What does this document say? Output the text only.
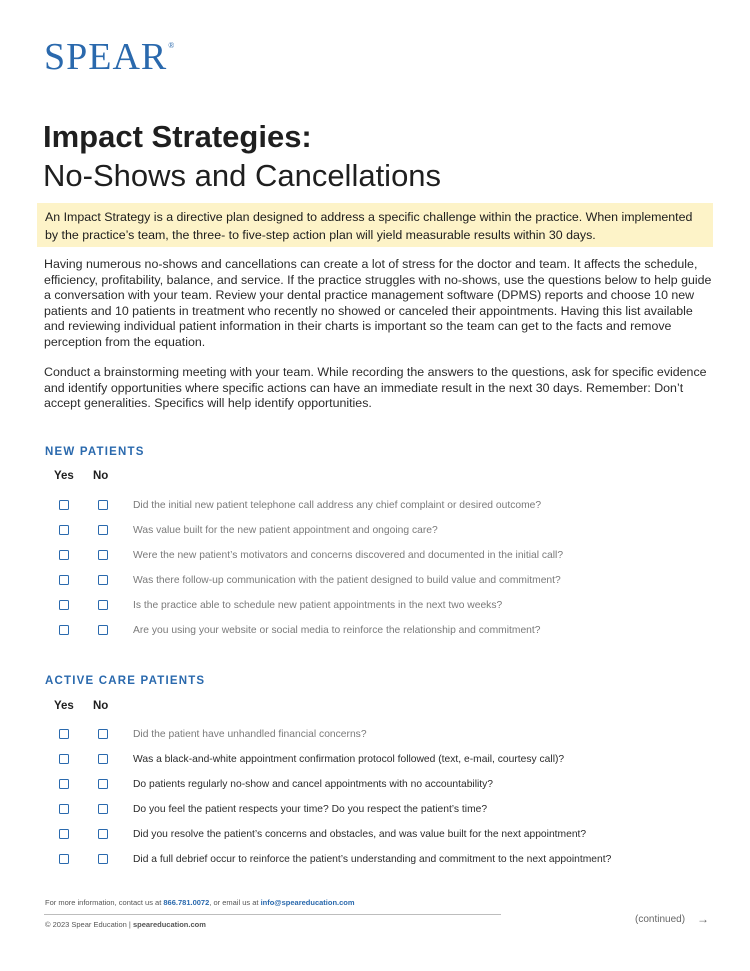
SPEAR®
Impact Strategies:
No-Shows and Cancellations
An Impact Strategy is a directive plan designed to address a specific challenge within the practice. When implemented by the practice’s team, the three- to five-step action plan will yield measurable results within 30 days.
Having numerous no-shows and cancellations can create a lot of stress for the doctor and team. It affects the schedule, efficiency, profitability, balance, and service. If the practice struggles with no-shows, use the questions below to help guide a conversation with your team. Review your dental practice management software (DPMS) reports and choose 10 new patients and 10 patients in treatment who recently no showed or canceled their appointments. Having this list available and reviewing individual patient information in their charts is important so the team can get to the facts and remove perception from the equation.
Conduct a brainstorming meeting with your team. While recording the answers to the questions, ask for specific evidence and identify opportunities where specific actions can have an immediate result in the next 30 days. Remember: Don’t accept generalities. Specifics will help identify opportunities.
NEW PATIENTS
Yes No
Did the initial new patient telephone call address any chief complaint or desired outcome?
Was value built for the new patient appointment and ongoing care?
Were the new patient’s motivators and concerns discovered and documented in the initial call?
Was there follow-up communication with the patient designed to build value and commitment?
Is the practice able to schedule new patient appointments in the next two weeks?
Are you using your website or social media to reinforce the relationship and commitment?
ACTIVE CARE PATIENTS
Yes No
Did the patient have unhandled financial concerns?
Was a black-and-white appointment confirmation protocol followed (text, e-mail, courtesy call)?
Do patients regularly no-show and cancel appointments with no accountability?
Do you feel the patient respects your time? Do you respect the patient’s time?
Did you resolve the patient’s concerns and obstacles, and was value built for the next appointment?
Did a full debrief occur to reinforce the patient’s understanding and commitment to the next appointment?
For more information, contact us at 866.781.0072, or email us at info@speareducation.com
© 2023 Spear Education | speareducation.com	(continued) →
